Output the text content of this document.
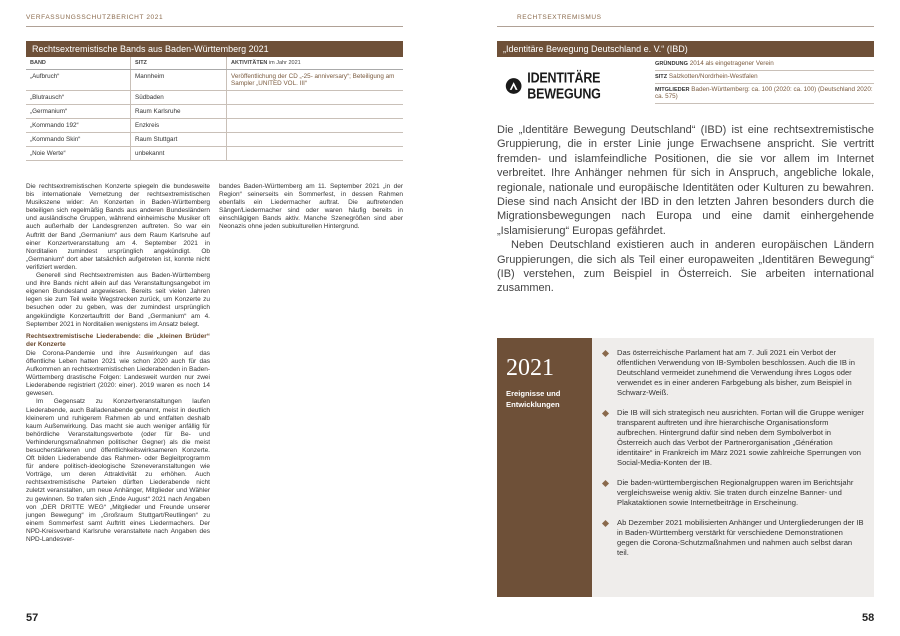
VERFASSUNGSSCHUTZBERICHT 2021
Rechtsextremistische Bands aus Baden-Württemberg 2021
BAND	SITZ	AKTIVITÄTEN im Jahr 2021
„Aufbruch“	Mannheim	Veröffentlichung der CD „-25- anniversary“; Beteiligung am Sampler „UNITED VOL. III“
„Blutrausch“	Südbaden	
„Germanium“	Raum Karlsruhe	
„Kommando 192“	Enzkreis	
„Kommando Skin“	Raum Stuttgart	
„Noie Werte“	unbekannt	

Die rechtsextremistischen Konzerte spiegeln die bundesweite bis internationale Vernetzung der rechtsextremistischen Musikszene wider: An Konzerten in Baden-Württemberg beteiligen sich regelmäßig Bands aus anderen Bundesländern und ausländische Gruppen, während einheimische Musiker oft auch außerhalb der Landesgrenzen auftreten. So war ein Auftritt der Band „Germanium“ aus dem Raum Karlsruhe auf einer Konzertveranstaltung am 4. September 2021 in Norditalien zumindest ursprünglich angekündigt. Ob „Germanium“ dort aber tatsächlich aufgetreten ist, konnte nicht verifiziert werden.

Generell sind Rechtsextremisten aus Baden-Württemberg und ihre Bands nicht allein auf das Veranstaltungsangebot im eigenen Bundesland angewiesen. Bereits seit vielen Jahren legen sie zum Teil weite Wegstrecken zurück, um Konzerte zu besuchen oder zu geben, was der zumindest ursprünglich angekündigte Konzertauftritt der Band „Germanium“ am 4. September 2021 in Norditalien wenigstens im Ansatz belegt.

Rechtsextremistische Liederabende: die „kleinen Brüder“ der Konzerte

Die Corona-Pandemie und ihre Auswirkungen auf das öffentliche Leben hatten 2021 wie schon 2020 auch für das Aufkommen an rechtsextremistischen Liederabenden in Baden-Württemberg drastische Folgen: Landesweit wurden nur zwei Liederabende registriert (2020: einer). 2019 waren es noch 14 gewesen.

Im Gegensatz zu Konzertveranstaltungen laufen Liederabende, auch Balladenabende genannt, meist in deutlich kleinerem und ruhigerem Rahmen ab und entfalten deshalb kaum Außenwirkung. Das macht sie auch weniger anfällig für behördliche Veranstaltungsverbote (oder für Be- und Verhinderungsmaßnahmen politischer Gegner) als die meist besucherstärkeren und öffentlichkeitswirksameren Konzerte. Oft bilden Liederabende das Rahmen- oder Begleitprogramm für andere politisch-ideologische Szeneveranstaltungen wie Vorträge, um deren Attraktivität zu erhöhen. Auch rechtsextremistische Parteien dürften Liederabende nicht zuletzt veranstalten, um neue Anhänger, Mitglieder und Wähler zu gewinnen. So trafen sich „Ende August“ 2021 nach Angaben von „DER DRITTE WEG“ „Mitglieder und Freunde unserer jungen Bewegung“ im „Großraum Stuttgart/Reutlingen“ zu einem Sommerfest samt Auftritt eines Liedermachers. Der NPD-Kreisverband Karlsruhe veranstaltete nach Angaben des NPD-Landesver-

bandes Baden-Württemberg am 11. September 2021 „in der Region“ seinerseits ein Sommerfest, in dessen Rahmen ebenfalls ein Liedermacher auftrat. Die auftretenden Sänger/Liedermacher sind oder waren häufig bereits in einschlägigen Bands aktiv. Manche Szenegrößen sind aber Neonazis ohne jeden subkulturellen Hintergrund.

57
RECHTSEXTREMISMUS
„Identitäre Bewegung Deutschland e. V.“ (IBD)
IDENTITÄRE BEWEGUNG
GRÜNDUNG 2014 als eingetragener Verein
SITZ Salzkotten/Nordrhein-Westfalen
MITGLIEDER Baden-Württemberg: ca. 100 (2020: ca. 100) (Deutschland 2020: ca. 575)

Die „Identitäre Bewegung Deutschland“ (IBD) ist eine rechtsextremistische Gruppierung, die in erster Linie junge Erwachsene anspricht. Sie vertritt fremden- und islamfeindliche Positionen, die sie vor allem im Internet verbreitet. Ihre Anhänger nehmen für sich in Anspruch, angebliche lokale, regionale, nationale und europäische Identitäten oder Kulturen zu bewahren. Diese sind nach Ansicht der IBD in den letzten Jahren besonders durch die Migrationsbewegungen nach Europa und eine damit einhergehende „Islamisierung“ Europas gefährdet.

Neben Deutschland existieren auch in anderen europäischen Ländern Gruppierungen, die sich als Teil einer europaweiten „Identitären Bewegung“ (IB) verstehen, zum Beispiel in Österreich. Sie arbeiten international zusammen.

2021
Ereignisse und Entwicklungen
Das österreichische Parlament hat am 7. Juli 2021 ein Verbot der öffentlichen Verwendung von IB-Symbolen beschlossen. Auch die IB in Deutschland vermeidet zunehmend die Verwendung ihres Logos oder verwendet es in einer anderen Farbgebung als bisher, zum Beispiel in Schwarz-Weiß.
Die IB will sich strategisch neu ausrichten. Fortan will die Gruppe weniger transparent auftreten und ihre hierarchische Organisationsform aufbrechen. Hintergrund dafür sind neben dem Symbolverbot in Österreich auch das Verbot der Partnerorganisation „Génération identitaire“ in Frankreich im März 2021 sowie zahlreiche Sperrungen von Social-Media-Konten der IB.
Die baden-württembergischen Regionalgruppen waren im Berichtsjahr vergleichsweise wenig aktiv. Sie traten durch einzelne Banner- und Plakataktionen sowie Internetbeiträge in Erscheinung.
Ab Dezember 2021 mobilisierten Anhänger und Untergliederungen der IB in Baden-Württemberg verstärkt für verschiedene Demonstrationen gegen die Corona-Schutzmaßnahmen und nahmen auch selbst daran teil.
58
